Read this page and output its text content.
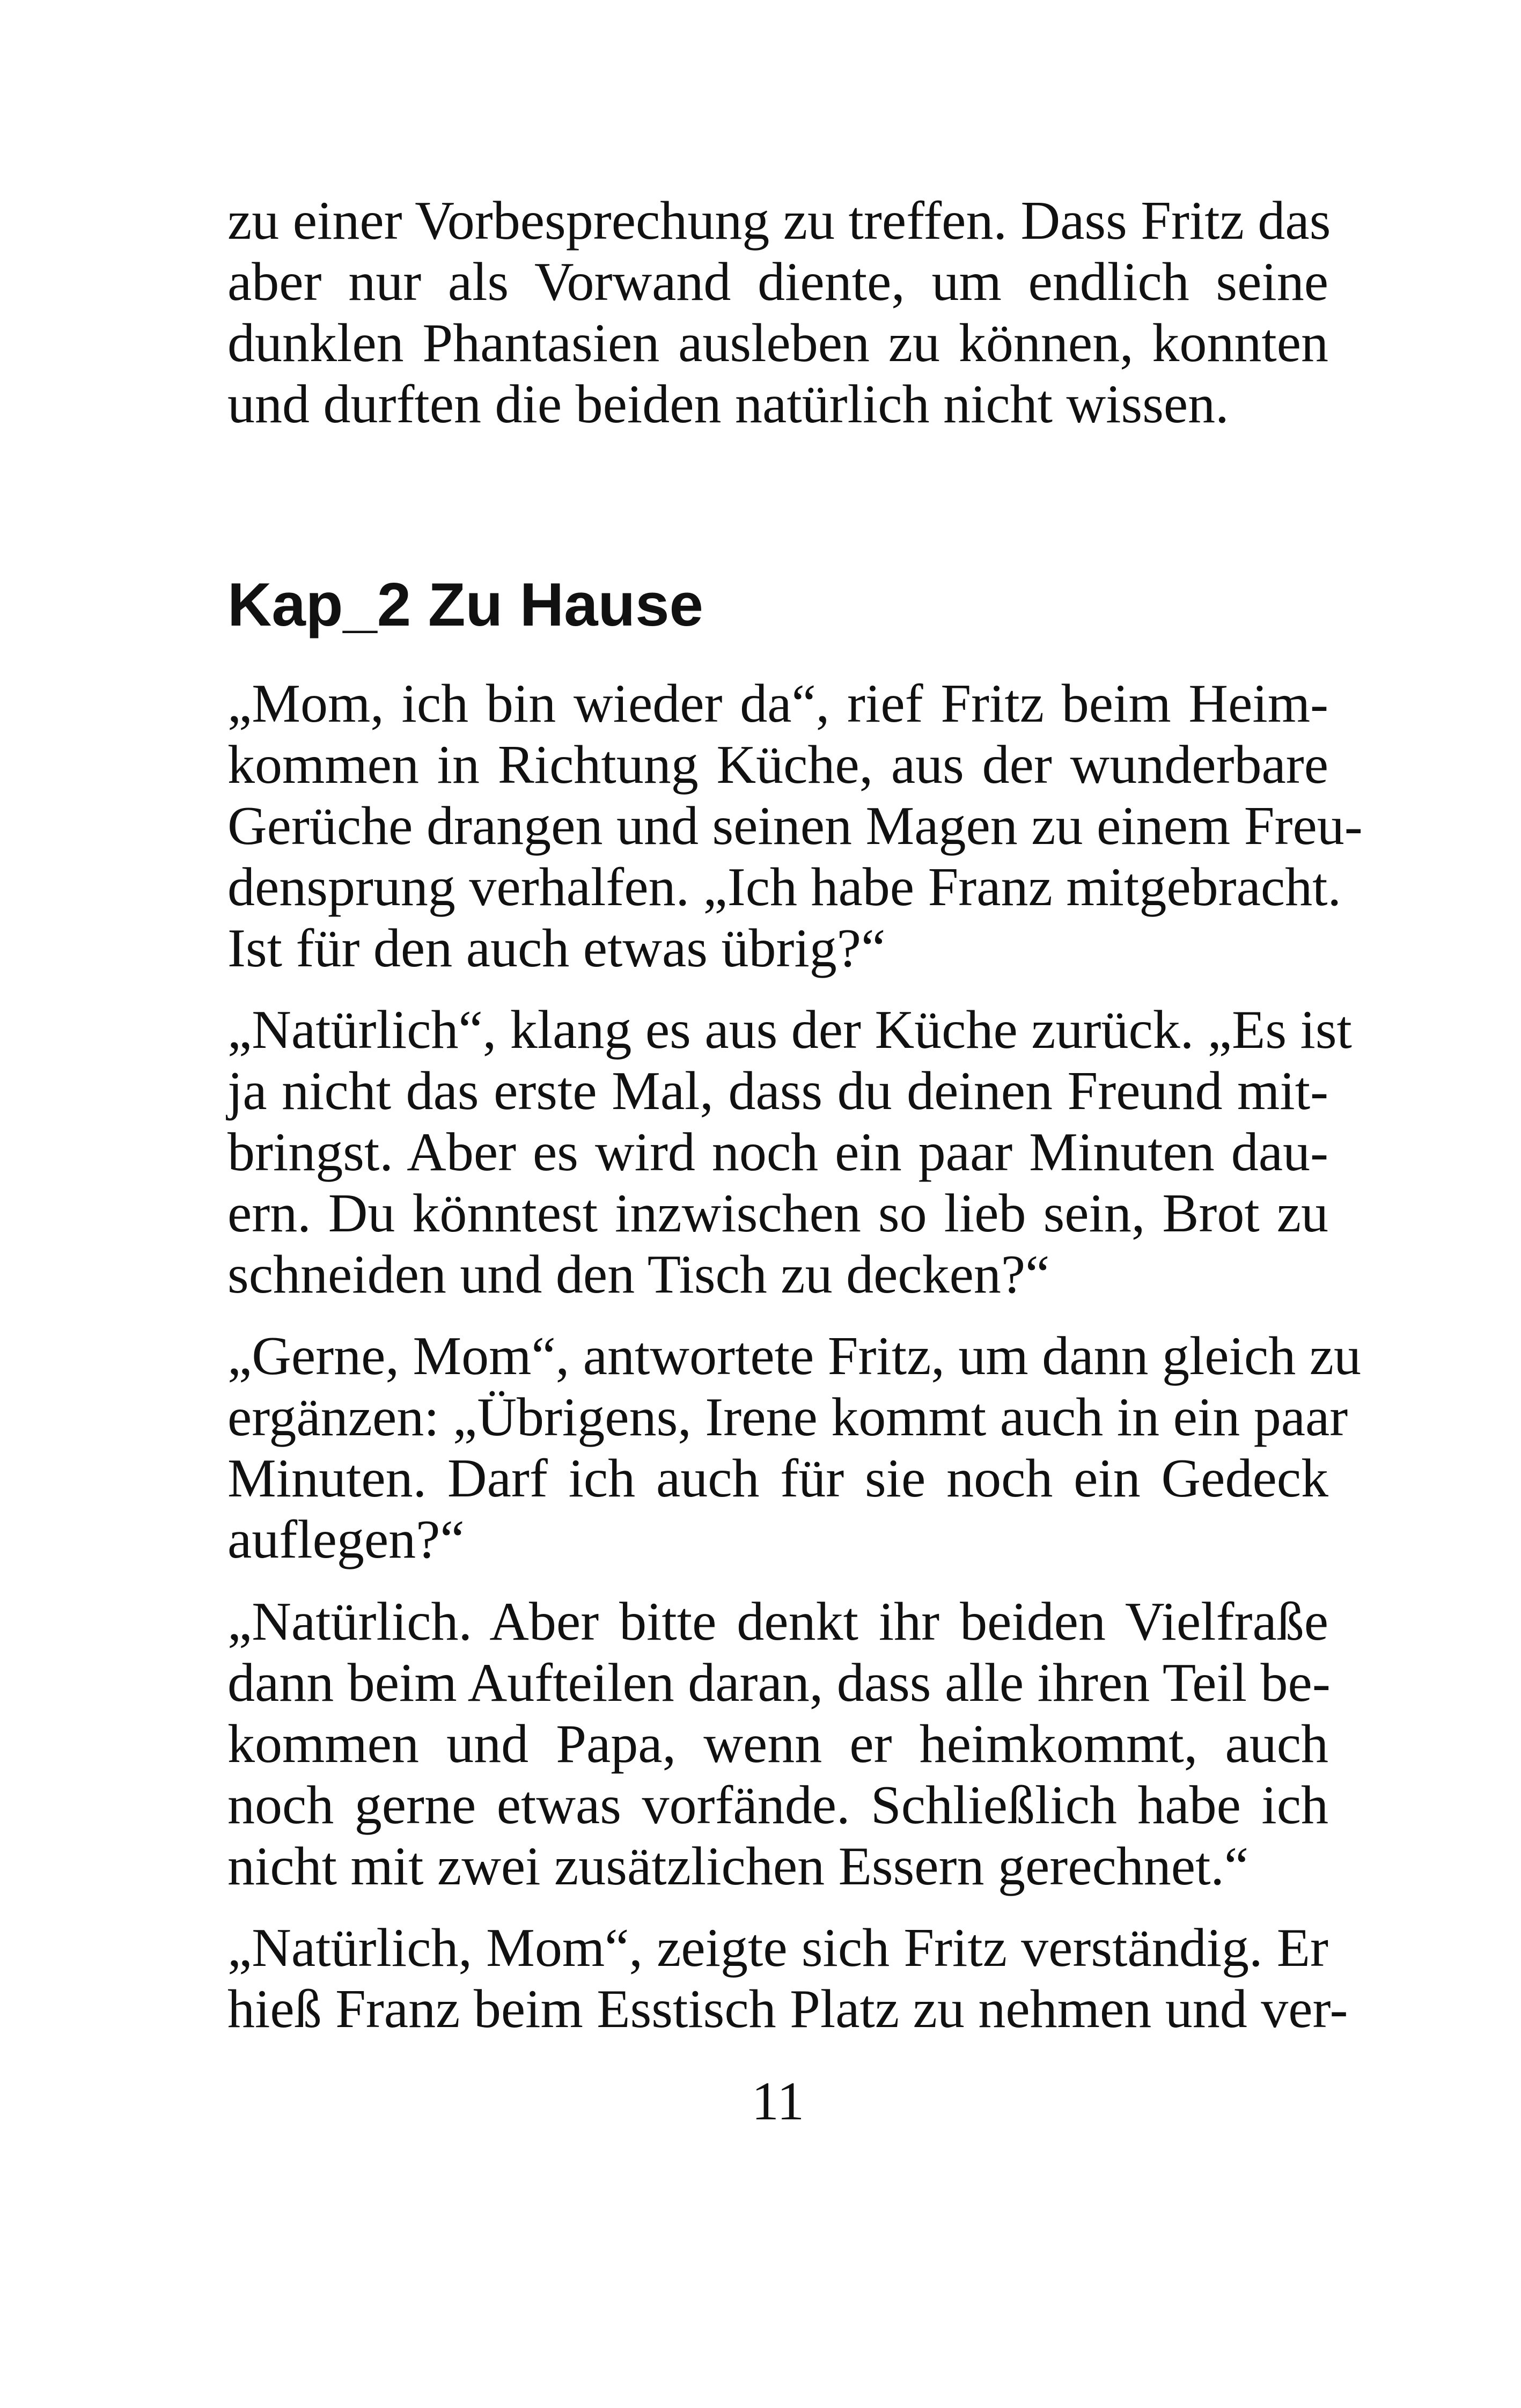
zu einer Vorbesprechung zu treffen. Dass Fritz das
aber nur als Vorwand diente, um endlich seine
dunklen Phantasien ausleben zu können, konnten
und durften die beiden natürlich nicht wissen.
Kap_2 Zu Hause
„Mom, ich bin wieder da“, rief Fritz beim Heim-
kommen in Richtung Küche, aus der wunderbare
Gerüche drangen und seinen Magen zu einem Freu-
densprung verhalfen. „Ich habe Franz mitgebracht.
Ist für den auch etwas übrig?“
„Natürlich“, klang es aus der Küche zurück. „Es ist
ja nicht das erste Mal, dass du deinen Freund mit-
bringst. Aber es wird noch ein paar Minuten dau-
ern. Du könntest inzwischen so lieb sein, Brot zu
schneiden und den Tisch zu decken?“
„Gerne, Mom“, antwortete Fritz, um dann gleich zu
ergänzen: „Übrigens, Irene kommt auch in ein paar
Minuten. Darf ich auch für sie noch ein Gedeck
auflegen?“
„Natürlich. Aber bitte denkt ihr beiden Vielfraße
dann beim Aufteilen daran, dass alle ihren Teil be-
kommen und Papa, wenn er heimkommt, auch
noch gerne etwas vorfände. Schließlich habe ich
nicht mit zwei zusätzlichen Essern gerechnet.“
„Natürlich, Mom“, zeigte sich Fritz verständig. Er
hieß Franz beim Esstisch Platz zu nehmen und ver-
11
